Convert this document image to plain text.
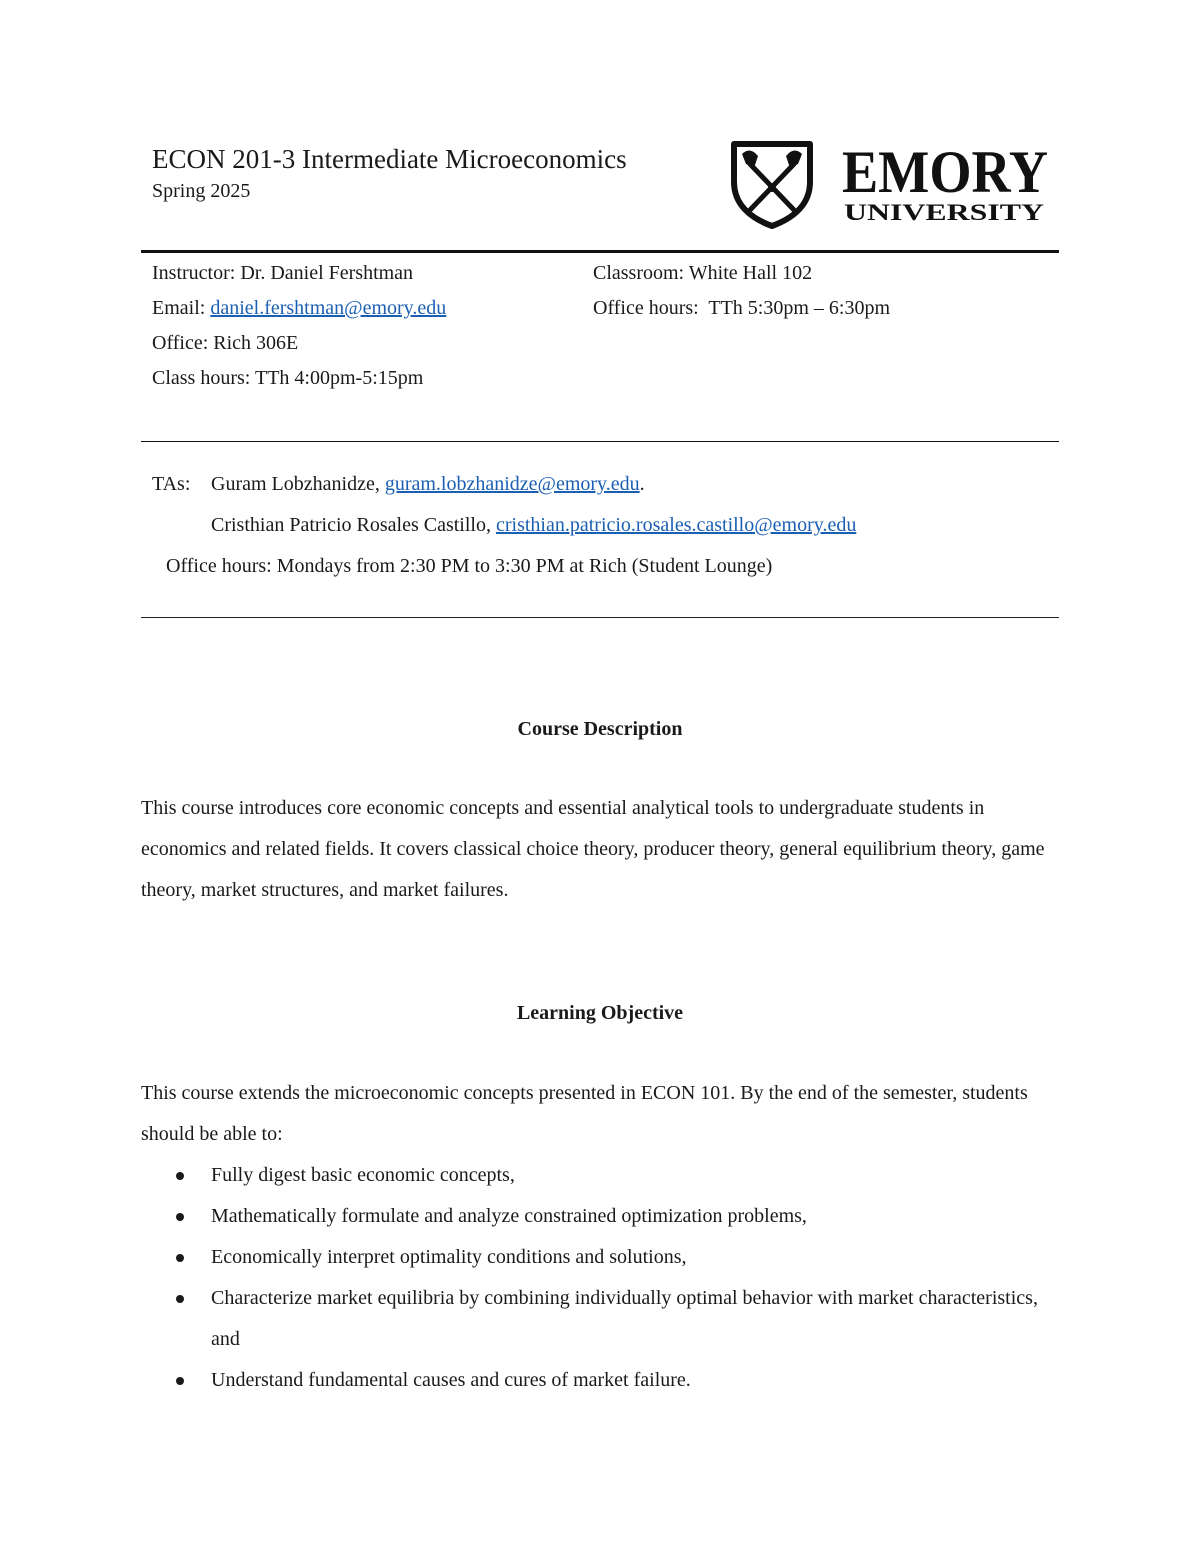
ECON 201-3 Intermediate Microeconomics
Spring 2025	EMORY
UNIVERSITY
Instructor: Dr. Daniel Fershtman
Email: daniel.fershtman@emory.edu
Office: Rich 306E
Class hours: TTh 4:00pm-5:15pm
Classroom: White Hall 102
Office hours:  TTh 5:30pm – 6:30pm
TAs: Guram Lobzhanidze, guram.lobzhanidze@emory.edu.
Cristhian Patricio Rosales Castillo, cristhian.patricio.rosales.castillo@emory.edu
Office hours: Mondays from 2:30 PM to 3:30 PM at Rich (Student Lounge)
Course Description
This course introduces core economic concepts and essential analytical tools to undergraduate students in economics and related fields. It covers classical choice theory, producer theory, general equilibrium theory, game theory, market structures, and market failures.
Learning Objective
This course extends the microeconomic concepts presented in ECON 101. By the end of the semester, students should be able to:
Fully digest basic economic concepts,
Mathematically formulate and analyze constrained optimization problems,
Economically interpret optimality conditions and solutions,
Characterize market equilibria by combining individually optimal behavior with market characteristics, and
Understand fundamental causes and cures of market failure.
